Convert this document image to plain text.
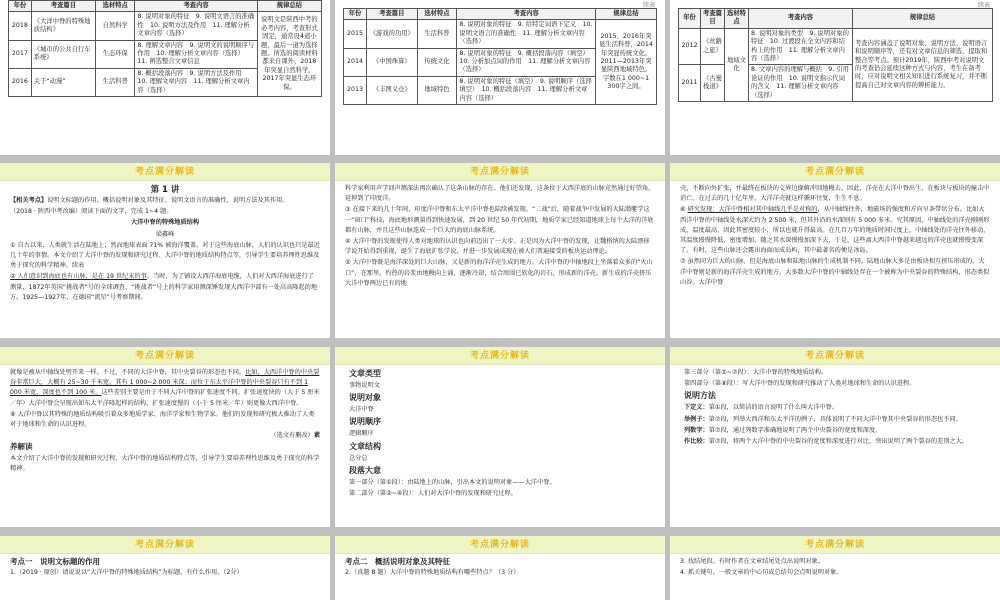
年份	考查篇目	选材特点	考查内容	规律总结
2018	《大洋中脊的特殊地质结构》	自然科学	8. 说明对象的特征　9. 说明文语言的准确性　10. 说明方法及作用　11. 理解分析文章内容（选择）	说明文是陕西中考的必考内容，考查形式固定，通常设4道小题，最后一道为选择题。所选的阅读材料都来自课外，2018年突显自然科学，2017年突显生态环保。
2017	《城市的公共自行车系统》	生态环保	8. 理解文章内容　9. 说明文的说明顺序与作用　10. 理解分析文章内容（选择）　11. 辨选整合文章信息	
2016	关于“动漫”	生活科普	8. 概括段落内容　9. 说明方法及作用　10. 理解文章内容　11. 理解分析文章内容（选择）	
续表
年份	考查篇目	选材特点	考查内容	规律总结
2015	《游戏的功用》	生活科普	8. 说明对象的特征　9. 给特定词语下定义　10. 说明文语言的准确性　11. 理解分析文章内容（选择）	2015、2016年突显生活科普，2014年突显传统文化，2011—2013年突显陕西地域特色。字数在1 000~1 300字之间。
2014	《中国珠算》	传统文化	8. 说明对象的特征　9. 概括段落内容（填空）　10. 分析加点词的作用　11. 理解分析文章内容（选择）	
2013	《丰图义仓》	地域特色	8. 说明对象的特征（填空）　9. 说明顺序（选择填空）　10. 概括段落内容　11. 理解分析文章内容（选择）	
续表
年份	考查篇目	选材特点	考查内容	规律总结
2012	《丝路之旅》	地域文化	8. 说明对象的类型　9. 说明对象的特征　10. 过渡段在全文内容和结构上的作用　11. 理解分析文章内容（选择）	考查内容涵盖了说明对象、说明方法、说明语言和说明顺序等，还有对文章信息的筛选、提取和整合等考点。预计2019年，陕西中考对说明文的考查仍会延续这种方式与内容，考生在备考时，应对说明文相关知识进行系统复习，并不断提高自己对文章内容的辨析能力。
2011	《古蜀栈道》		8. 文章内容的理解与概括　9. 引用论证的作用　10. 说明文指示代词的含义　11. 理解分析文章内容（选择）	
考点满分解读
第 1 讲

【相关考点】说明文标题的作用、概括说明对象及其特征、说明文语言的准确性、说明方法及其作用。

（2018 · 陕西中考改编）阅读下面的文字，完成 1~4 题。

大洋中脊的特殊地质结构

梁鑫峰

① 自古以来，人类就生活在陆地上；然而地球表面 71% 被海洋覆盖。对于这些海底山脉，人们的认识也只是最近几十年的事情。本文介绍了大洋中脊的发现和研究过程、大洋中脊的地质结构特点等，引导学生要培养理性思维及勇于探究的科学精神。续表

② 人们意识到海底也有山脉，是在 19 世纪末的事。当时，为了铺设大西洋海底电缆，人们对大西洋海底进行了测量，1872年英国“挑战者”号的全球调查、“挑战者”号上的科学家用测深锤发现大西洋中部有一处高高隆起的地方。1925—1927年，在德国“流星”号考察期间。

考点满分解读

科学家利用声学回声测深法再次确认了这条山脉的存在。他们还发现，这条位于大西洋底的山脉竟然通过好望角，延伸到了印度洋。

③ 在接下来的几十年间，印度洋中脊和东太平洋中脊也陆续被发现。“二战”后，随着战争中发展的大陆潜艇学这一“窗口”科技，海底地形测量得到快速发展，到 20 世纪 50 年代初期，地质学家已经知道地球上每个大洋的洋底都有山脉，并且这些山脉连成一个巨大的海底山脉系统。

④ 大洋中脊的发现使得人类对地球的认识也向前迈出了一大步。正是因为大洋中脊的发现，让魏格纳的大陆漂移学说开始得到重视，诞生了海底扩张学说，并进一步发展成现在被人们普遍接受的板块运动理论。

⑤ 大洋中脊既是海洋深处的巨大山脉，又是新的海洋洋壳生成的地方。大洋中脊的中轴地段上坐落着众多的“火山口”，在那里，灼热的岩浆由地幔向上涌，逐渐冷却，结合周围已软化的岩石，形成新的洋壳。新生成的洋壳挤压大洋中脊两边已有的地

考点满分解读

壳，不断向外扩张，并最终在板块的交界边缘俯冲回地幔去。因此，洋壳在大洋中脊出生，在板块与板块的撞击中消亡。在过去的几十亿年里，大洋洋壳就这样循环往复，生生不息。

⑥ 研究发现：大洋中脊相对其中轴线几乎是对称的，从中轴线往外，地磁场的强度和方向呈条带状分布。比如大西洋中脊的中轴线处水深大约为 2 500 米，但其外沿的水深则有 5 000 多米。究其原因，中轴线处的洋壳刚刚形成，温度最高，因此其密度较小，所以也就升得最高。在几百万年的地质时间尺度上，中轴线处的洋壳往外移动，其温度慢慢降低，密度增加，随之其水深慢慢加深下去，于是，这些离大西洋中脊越来越远的洋壳也就慢慢变深了。有时，这些山脉还会露出海面而成岛屿，其中最著名的便是冰岛。

⑦ 虽然同为巨大的山脉，但是海底山脉和陆地山脉的生成机制不同。陆地山脉大多是由板块相互挤压形成的，大洋中脊则是新的海洋洋壳生成的地方。大多数大洋中脊的中轴线处存在一个被称为中央裂谷的特殊结构，形态类似山谷。大洋中脊

考点满分解读

就像是被从中轴线处劈开来一样。不过，不同的大洋中脊，其中央裂谷的形态也不同。比如，大西洋中脊的中央裂谷非常巨大，大概有 25~30 千米宽，其有 1 000~2 000 米深；而位于东太平洋中脊的中央裂谷只有不到 1 000 米宽，深度也不到 100 米。这些差别主要是由于不同大洋中脊的扩张速度不同。扩张速度快的（大于 5 厘米／年）大洋中脊会呈现出如东太平洋隆起样的结构，扩张速度慢的（小于 5 厘米／年）则更像大西洋中脊。

⑧ 大洋中脊以其特殊的地质结构吸引着众多地质学家、海洋学家和生物学家。他们的发现和研究极大推动了人类对于地球和生命的认识进程。

（选文有删改）素

养解读

本文介绍了大洋中脊的发现和研究过程、大洋中脊的地质结构特点等，引导学生要培养理性思维及勇于探究的科学精神。

考点满分解读

文章类型

事物说明文

说明对象

大洋中脊

说明顺序

逻辑顺序

文章结构

总分总

段落大意

第一部分（第①段）：由陆地上的山脉，引出本文的说明对象——大洋中脊。

第二部分（第②~④段）：人们对大洋中脊的发现和研究过程。

考点满分解读

第三部分（第⑤~⑦段）：大洋中脊的特殊地质结构。

第四部分（第⑧段）：写大洋中脊的发现和研究推动了人类对地球和生命的认识进程。

说明方法

下定义：第①段，以简洁的语言说明了什么叫大洋中脊。

举例子：第⑦段，列举大西洋和东太平洋的例子，具体说明了不同大洋中脊其中央裂谷的形态也不同。

列数字：第⑦段，通过列数字准确地说明了两个中央裂谷的宽度和深度。

作比较：第⑦段，将两个大洋中脊的中央裂谷的宽度和深度进行对比，突出说明了两个裂谷的差别之大。

考点满分解读

考点一　说明文标题的作用

1.（2019 · 原创）请说说以“大洋中脊的特殊地质结构”为标题，有什么作用。（2分）

考点满分解读

考点二　概括说明对象及其特征

2.（真题 8 题）大洋中脊的特殊地质结构有哪些特点？（3 分）

考点满分解读

3. 找结尾段。有时作者在文章结尾处点出说明对象。

4. 抓关键句。一般文章的中心句或总结句会点明说明对象。
